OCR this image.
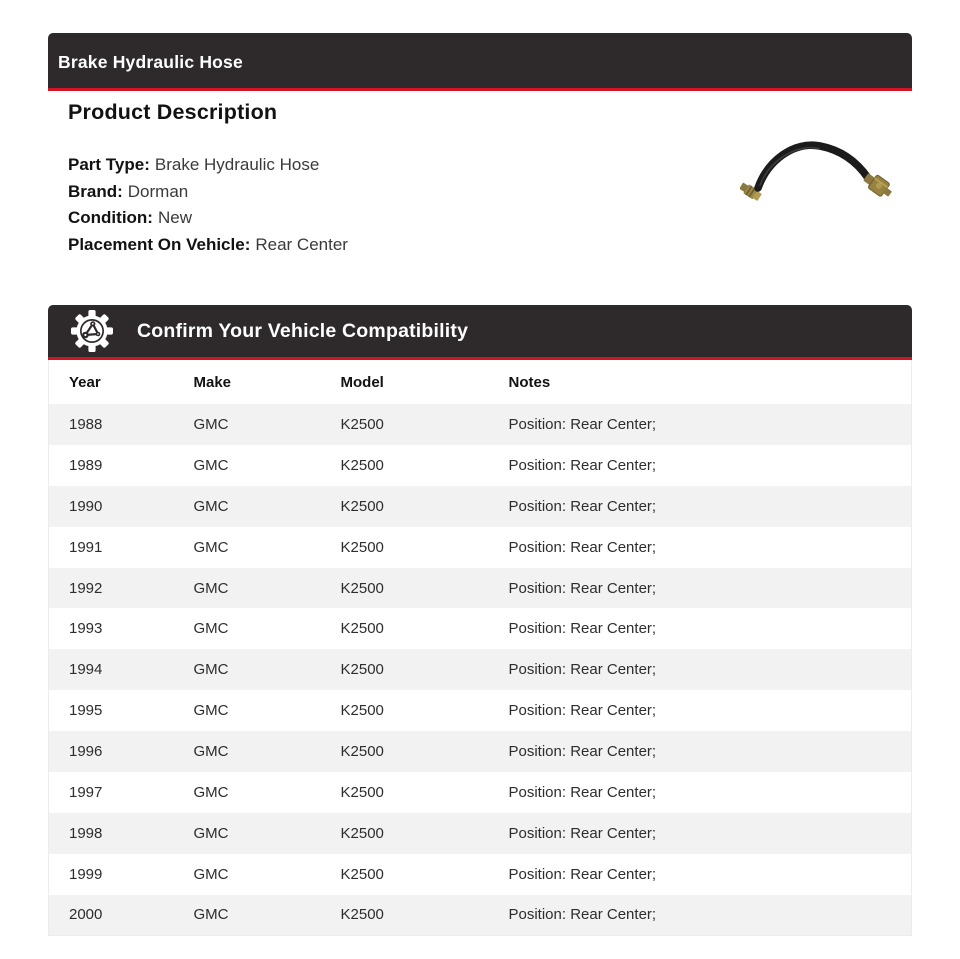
Brake Hydraulic Hose
Product Description
Part Type: Brake Hydraulic Hose
Brand: Dorman
Condition: New
Placement On Vehicle: Rear Center
Confirm Your Vehicle Compatibility
Year	Make	Model	Notes
1988	GMC	K2500	Position: Rear Center;
1989	GMC	K2500	Position: Rear Center;
1990	GMC	K2500	Position: Rear Center;
1991	GMC	K2500	Position: Rear Center;
1992	GMC	K2500	Position: Rear Center;
1993	GMC	K2500	Position: Rear Center;
1994	GMC	K2500	Position: Rear Center;
1995	GMC	K2500	Position: Rear Center;
1996	GMC	K2500	Position: Rear Center;
1997	GMC	K2500	Position: Rear Center;
1998	GMC	K2500	Position: Rear Center;
1999	GMC	K2500	Position: Rear Center;
2000	GMC	K2500	Position: Rear Center;
